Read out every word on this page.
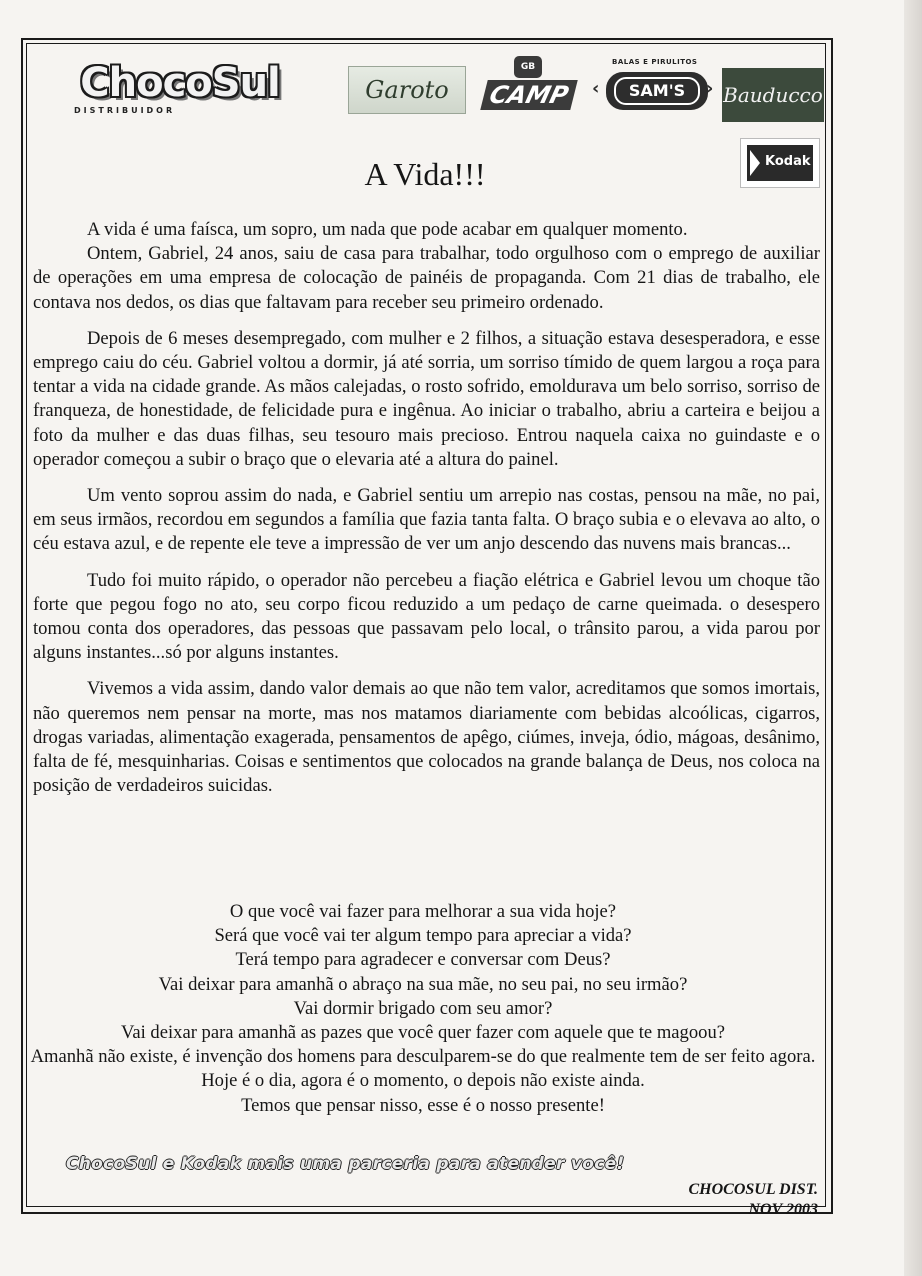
ChocoSul
DISTRIBUIDOR
Garoto
GB
CAMP
BALAS E PIRULITOS
‹	SAM'S	› Bauducco
Kodak
A Vida!!!

A vida é uma faísca, um sopro, um nada que pode acabar em qualquer momento.

Ontem, Gabriel, 24 anos, saiu de casa para trabalhar, todo orgulhoso com o emprego de auxiliar de operações em uma empresa de colocação de painéis de propaganda. Com 21 dias de trabalho, ele contava nos dedos, os dias que faltavam para receber seu primeiro ordenado.

Depois de 6 meses desempregado, com mulher e 2 filhos, a situação estava desesperadora, e esse emprego caiu do céu. Gabriel voltou a dormir, já até sorria, um sorriso tímido de quem largou a roça para tentar a vida na cidade grande. As mãos calejadas, o rosto sofrido, emoldurava um belo sorriso, sorriso de franqueza, de honestidade, de felicidade pura e ingênua. Ao iniciar o trabalho, abriu a carteira e beijou a foto da mulher e das duas filhas, seu tesouro mais precioso. Entrou naquela caixa no guindaste e o operador começou a subir o braço que o elevaria até a altura do painel.

Um vento soprou assim do nada, e Gabriel sentiu um arrepio nas costas, pensou na mãe, no pai, em seus irmãos, recordou em segundos a família que fazia tanta falta. O braço subia e o elevava ao alto, o céu estava azul, e de repente ele teve a impressão de ver um anjo descendo das nuvens mais brancas...

Tudo foi muito rápido, o operador não percebeu a fiação elétrica e Gabriel levou um choque tão forte que pegou fogo no ato, seu corpo ficou reduzido a um pedaço de carne queimada. o desespero tomou conta dos operadores, das pessoas que passavam pelo local, o trânsito parou, a vida parou por alguns instantes...só por alguns instantes.

Vivemos a vida assim, dando valor demais ao que não tem valor, acreditamos que somos imortais, não queremos nem pensar na morte, mas nos matamos diariamente com bebidas alcoólicas, cigarros, drogas variadas, alimentação exagerada, pensamentos de apêgo, ciúmes, inveja, ódio, mágoas, desânimo, falta de fé, mesquinharias. Coisas e sentimentos que colocados na grande balança de Deus, nos coloca na posição de verdadeiros suicidas.

O que você vai fazer para melhorar a sua vida hoje?
Será que você vai ter algum tempo para apreciar a vida?
Terá tempo para agradecer e conversar com Deus?
Vai deixar para amanhã o abraço na sua mãe, no seu pai, no seu irmão?
Vai dormir brigado com seu amor?
Vai deixar para amanhã as pazes que você quer fazer com aquele que te magoou?
Amanhã não existe, é invenção dos homens para desculparem-se do que realmente tem de ser feito agora.
Hoje é o dia, agora é o momento, o depois não existe ainda.
Temos que pensar nisso, esse é o nosso presente!
ChocoSul e Kodak mais uma parceria para atender você!
CHOCOSUL DIST.
NOV 2003
